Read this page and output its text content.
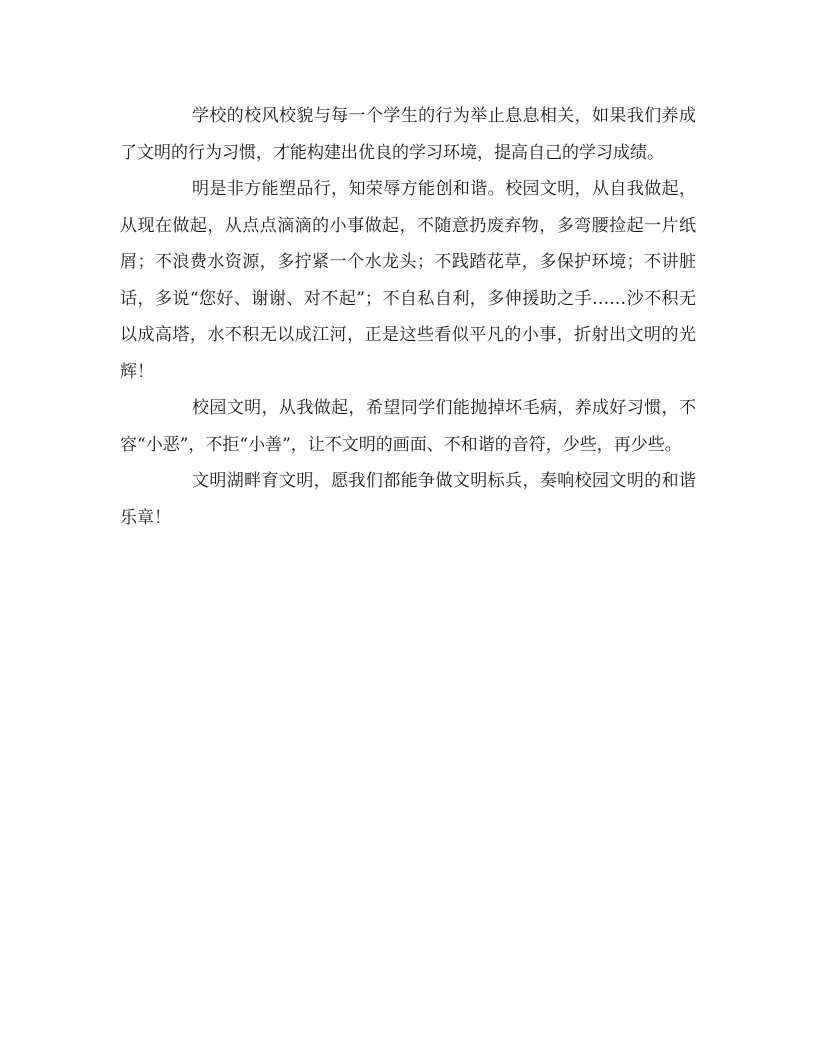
学校的校风校貌与每一个学生的行为举止息息相关，如果我们养成了文明的行为习惯，才能构建出优良的学习环境，提高自己的学习成绩。

明是非方能塑品行，知荣辱方能创和谐。校园文明，从自我做起，从现在做起，从点点滴滴的小事做起，不随意扔废弃物，多弯腰捡起一片纸屑；不浪费水资源，多拧紧一个水龙头；不践踏花草，多保护环境；不讲脏话，多说“您好、谢谢、对不起”；不自私自利，多伸援助之手……沙不积无以成高塔，水不积无以成江河，正是这些看似平凡的小事，折射出文明的光辉！

校园文明，从我做起，希望同学们能抛掉坏毛病，养成好习惯，不容“小恶”，不拒“小善”，让不文明的画面、不和谐的音符，少些，再少些。

文明湖畔育文明，愿我们都能争做文明标兵，奏响校园文明的和谐乐章！
